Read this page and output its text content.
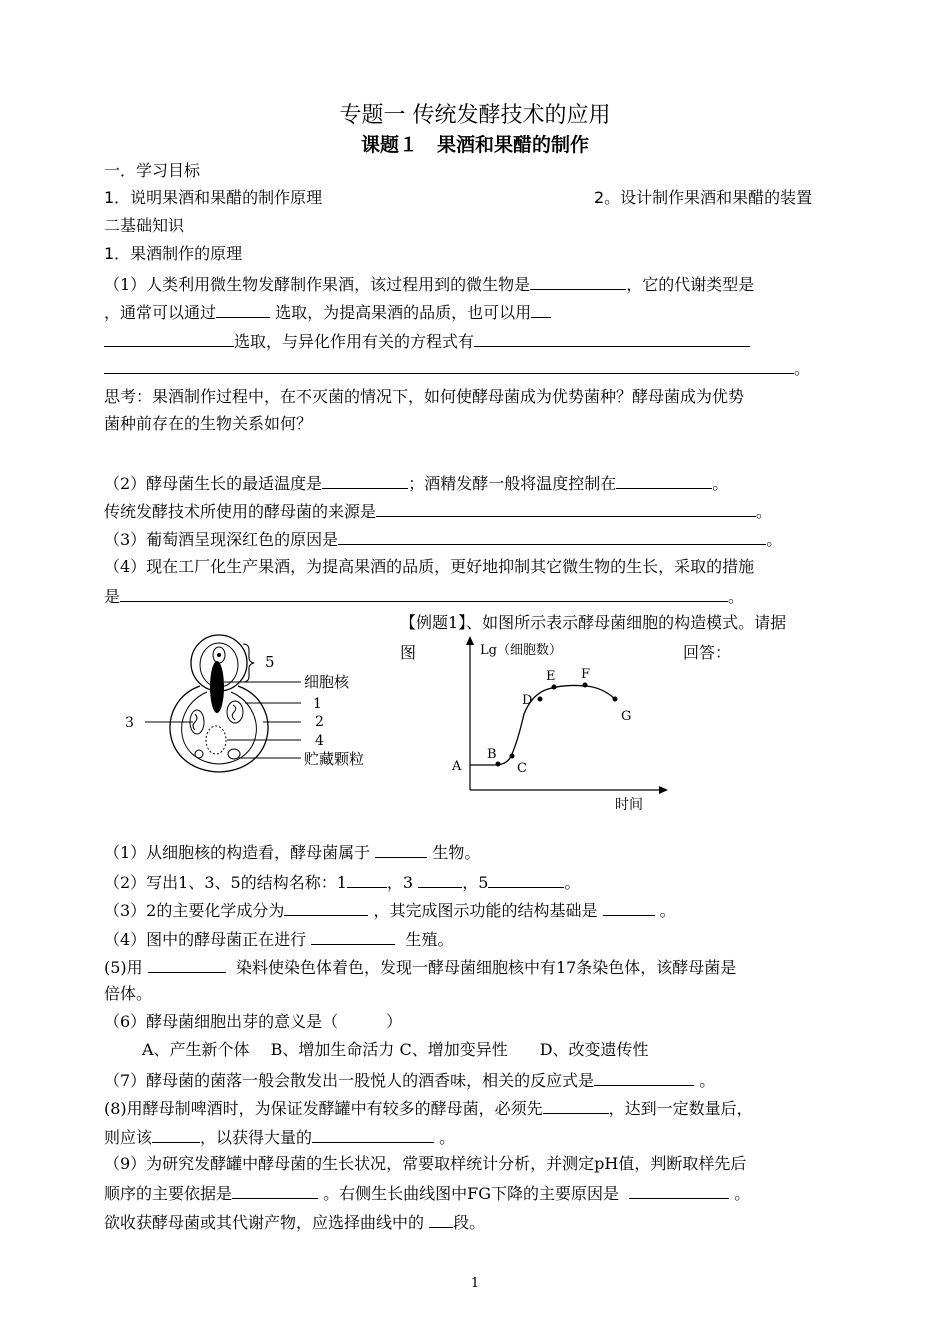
专题一 传统发酵技术的应用
课题１　果酒和果醋的制作
一．学习目标
1．说明果酒和果醋的制作原理	2。设计制作果酒和果醋的装置
二基础知识
1．果酒制作的原理
（1）人类利用微生物发酵制作果酒，该过程用到的微生物是	，它的代谢类型是
，通常可以通过	选取，为提高果酒的品质，也可以用
选取，与异化作用有关的方程式有
。
思考：果酒制作过程中，在不灭菌的情况下，如何使酵母菌成为优势菌种？酵母菌成为优势
菌种前存在的生物关系如何？
（2）酵母菌生长的最适温度是	；酒精发酵一般将温度控制在	。
传统发酵技术所使用的酵母菌的来源是	。
（3）葡萄酒呈现深红色的原因是	。
（4）现在工厂化生产果酒，为提高果酒的品质，更好地抑制其它微生物的生长，采取的措施
是	。
【例题1】、如图所示表示酵母菌细胞的构造模式。请据
图	回答：
5
细胞核
1
2
3
4
贮藏颗粒
Lg（细胞数）
时间
A
B
C
D
E F
G
（1）从细胞核的构造看，酵母菌属于	生物。
（2）写出1、3、5的结构名称：1	，3	，5	。
（3）2的主要化学成分为	，其完成图示功能的结构基础是	。
（4）图中的酵母菌正在进行	生殖。
(5)用	染料使染色体着色，发现一酵母菌细胞核中有17条染色体，该酵母菌是
倍体。
（6）酵母菌细胞出芽的意义是（　　　）
A、产生新个体　 B、增加生命活力 C、增加变异性　　D、改变遗传性
（7）酵母菌的菌落一般会散发出一股悦人的酒香味，相关的反应式是	。
(8)用酵母制啤酒时，为保证发酵罐中有较多的酵母菌，必须先	，达到一定数量后，
则应该	，以获得大量的	。
（9）为研究发酵罐中酵母菌的生长状况，常要取样统计分析，并测定pH值，判断取样先后
顺序的主要依据是	。右侧生长曲线图中FG下降的主要原因是	。
欲收获酵母菌或其代谢产物，应选择曲线中的 段。
1
